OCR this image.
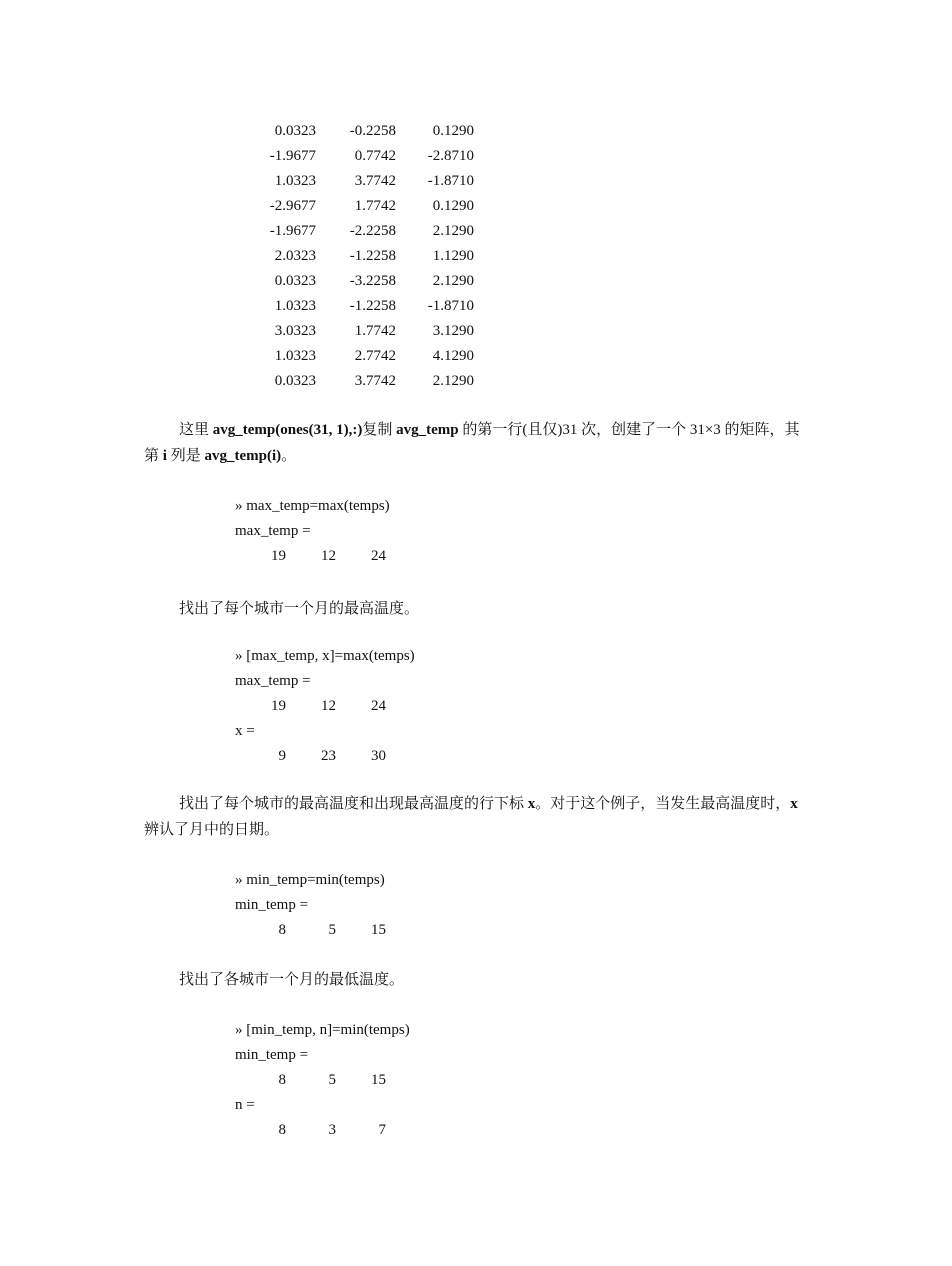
0.0323 -0.2258 0.1290
-1.9677	0.7742 -2.8710
1.0323	3.7742 -1.8710
-2.9677	1.7742 0.1290
-1.9677 -2.2258 2.1290
2.0323 -1.2258 1.1290
0.0323 -3.2258 2.1290
1.0323 -1.2258 -1.8710
3.0323	1.7742 3.1290
1.0323	2.7742 4.1290
0.0323	3.7742 2.1290

这里 avg_temp(ones(31, 1),:)复制 avg_temp 的第一行(且仅)31 次，创建了一个 31×3 的矩阵，其第 i 列是 avg_temp(i)。

» max_temp=max(temps)
max_temp =
19 12 24

找出了每个城市一个月的最高温度。

» [max_temp, x]=max(temps)
max_temp =
19 12 24
x =
9 23 30

找出了每个城市的最高温度和出现最高温度的行下标 x。对于这个例子，当发生最高温度时，x 辨认了月中的日期。

» min_temp=min(temps)
min_temp =
8	5 15

找出了各城市一个月的最低温度。

» [min_temp, n]=min(temps)
min_temp =
8	5 15
n =
8	3	7
